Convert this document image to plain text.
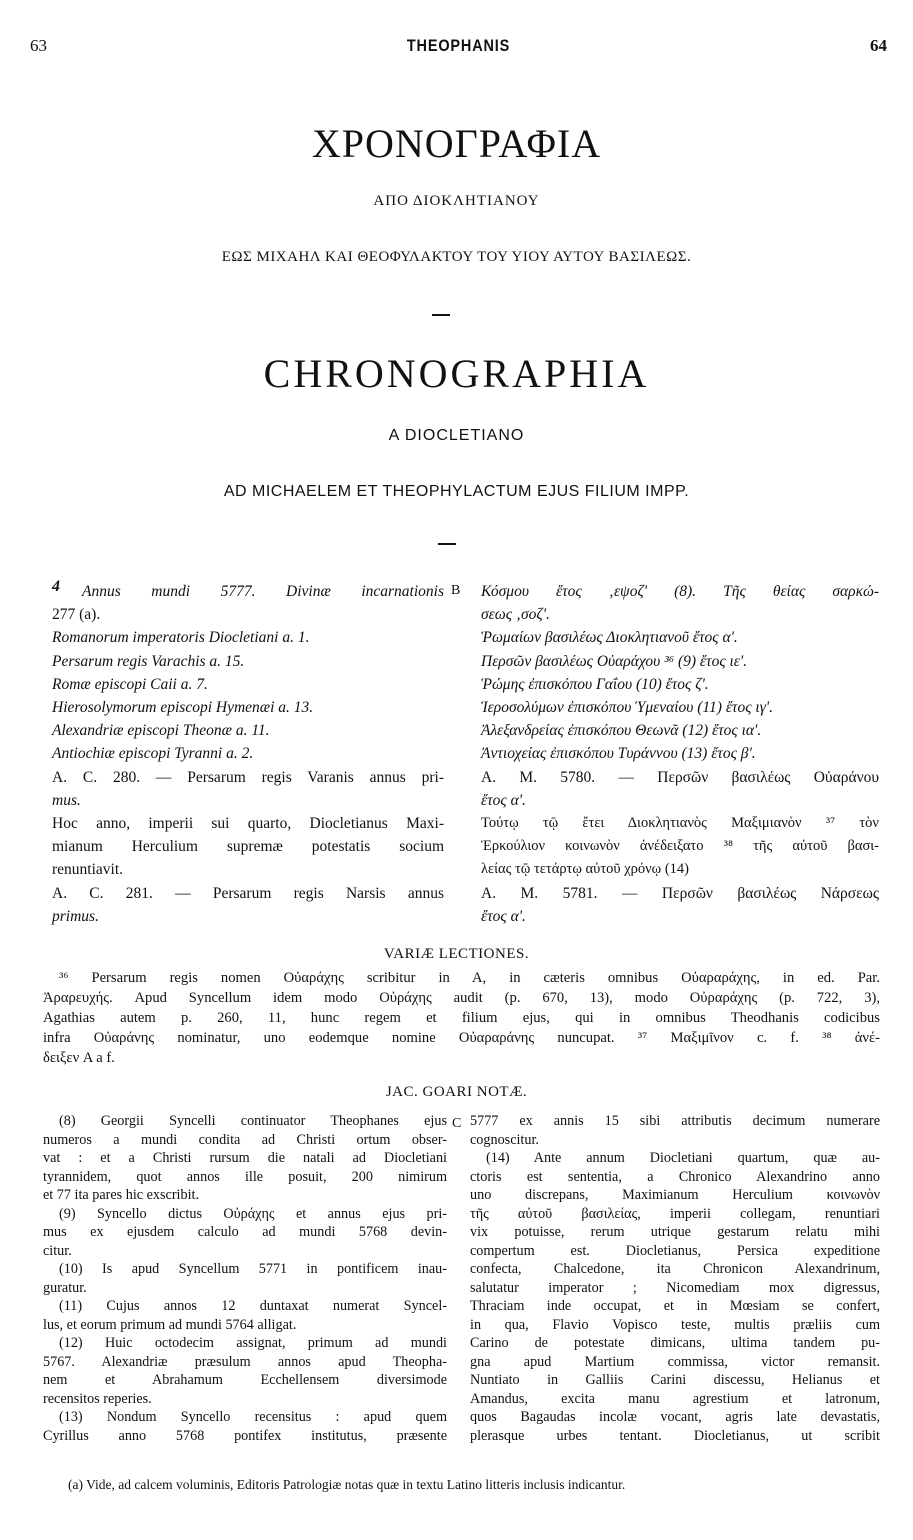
63	THEOPHANIS	64
ΧΡΟΝΟΓΡΑΦΙΑ
ΑΠΟ ΔΙΟΚΛΗΤΙΑΝΟΥ
ΕΩΣ ΜΙΧΑΗΛ ΚΑΙ ΘΕΟΦΥΛΑΚΤΟΥ ΤΟΥ ΥΙΟΥ ΑΥΤΟΥ ΒΑΣΙΛΕΩΣ.
CHRONOGRAPHIA
A DIOCLETIANO
AD MICHAELEM ET THEOPHYLACTUM EJUS FILIUM IMPP.
4	B
C
Annus mundi 5777. Divinæ incarnationis
277 (a).
Romanorum imperatoris Diocletiani a. 1.
Persarum regis Varachis a. 15.
Romæ episcopi Caii a. 7.
Hierosolymorum episcopi Hymenæi a. 13.
Alexandriæ episcopi Theonæ a. 11.
Antiochiæ episcopi Tyranni a. 2.
A. C. 280. — Persarum regis Varanis annus pri-
mus.
Hoc anno, imperii sui quarto, Diocletianus Maxi-
mianum Herculium supremæ potestatis socium
renuntiavit.
A. C. 281. — Persarum regis Narsis annus
primus.
Κόσμου ἔτος ‚εψοζ' (8). Τῆς θείας σαρκώ-
σεως ‚σοζ'.
Ῥωμαίων βασιλέως Διοκλητιανοῦ ἔτος α'.
Περσῶν βασιλέως Οὐαράχου ³⁶ (9) ἔτος ιε'.
Ῥώμης ἐπισκόπου Γαΐου (10) ἔτος ζ'.
Ἱεροσολύμων ἐπισκόπου Ὑμεναίου (11) ἔτος ιγ'.
Ἀλεξανδρείας ἐπισκόπου Θεωνᾶ (12) ἔτος ια'.
Ἀντιοχείας ἐπισκόπου Τυράννου (13) ἔτος β'.
A. M. 5780. — Περσῶν βασιλέως Οὐαράνου
ἔτος α'.
Τούτῳ τῷ ἔτει Διοκλητιανὸς Μαξιμιανὸν ³⁷ τὸν
Ἑρκούλιον κοινωνὸν ἀνέδειξατο ³⁸ τῆς αὐτοῦ βασι-
λείας τῷ τετάρτῳ αὐτοῦ χρόνῳ (14)
A. M. 5781. — Περσῶν βασιλέως Νάρσεως
ἔτος α'.
VARIÆ LECTIONES.
³⁶ Persarum regis nomen Οὐαράχης scribitur in A, in cæteris omnibus Οὐαραράχης, in ed. Par.
Ἀραρευχής. Apud Syncellum idem modo Οὐράχης audit (p. 670, 13), modo Οὐραράχης (p. 722, 3),
Agathias autem p. 260, 11, hunc regem et filium ejus, qui in omnibus Theodhanis codicibus
infra Οὐαράνης nominatur, uno eodemque nomine Οὐαραράνης nuncupat. ³⁷ Μαξιμῖνον c. f. ³⁸ ἀνέ-
δειξεν A a f.
JAC. GOARI NOTÆ.
(8) Georgii Syncelli continuator Theophanes ejus
numeros a mundi condita ad Christi ortum obser-
vat : et a Christi rursum die natali ad Diocletiani
tyrannidem, quot annos ille posuit, 200 nimirum
et 77 ita pares hic exscribit.
(9) Syncello dictus Οὐράχης et annus ejus pri-
mus ex ejusdem calculo ad mundi 5768 devin-
citur.
(10) Is apud Syncellum 5771 in pontificem inau-
guratur.
(11) Cujus annos 12 duntaxat numerat Syncel-
lus, et eorum primum ad mundi 5764 alligat.
(12) Huic octodecim assignat, primum ad mundi
5767. Alexandriæ præsulum annos apud Theopha-
nem et Abrahamum Ecchellensem diversimode
recensitos reperies.
(13) Nondum Syncello recensitus : apud quem
Cyrillus anno 5768 pontifex institutus, præsente
5777 ex annis 15 sibi attributis decimum numerare
cognoscitur.
(14) Ante annum Diocletiani quartum, quæ au-
ctoris est sententia, a Chronico Alexandrino anno
uno discrepans, Maximianum Herculium κοινωνὸν
τῆς αὐτοῦ βασιλείας, imperii collegam, renuntiari
vix potuisse, rerum utrique gestarum relatu mihi
compertum est. Diocletianus, Persica expeditione
confecta, Chalcedone, ita Chronicon Alexandrinum,
salutatur imperator ; Nicomediam mox digressus,
Thraciam inde occupat, et in Mœsiam se confert,
in qua, Flavio Vopisco teste, multis præliis cum
Carino de potestate dimicans, ultima tandem pu-
gna apud Martium commissa, victor remansit.
Nuntiato in Galliis Carini discessu, Helianus et
Amandus, excita manu agrestium et latronum,
quos Bagaudas incolæ vocant, agris late devastatis,
plerasque urbes tentant. Diocletianus, ut scribit
(a) Vide, ad calcem voluminis, Editoris Patrologiæ notas quæ in textu Latino litteris inclusis indicantur.
